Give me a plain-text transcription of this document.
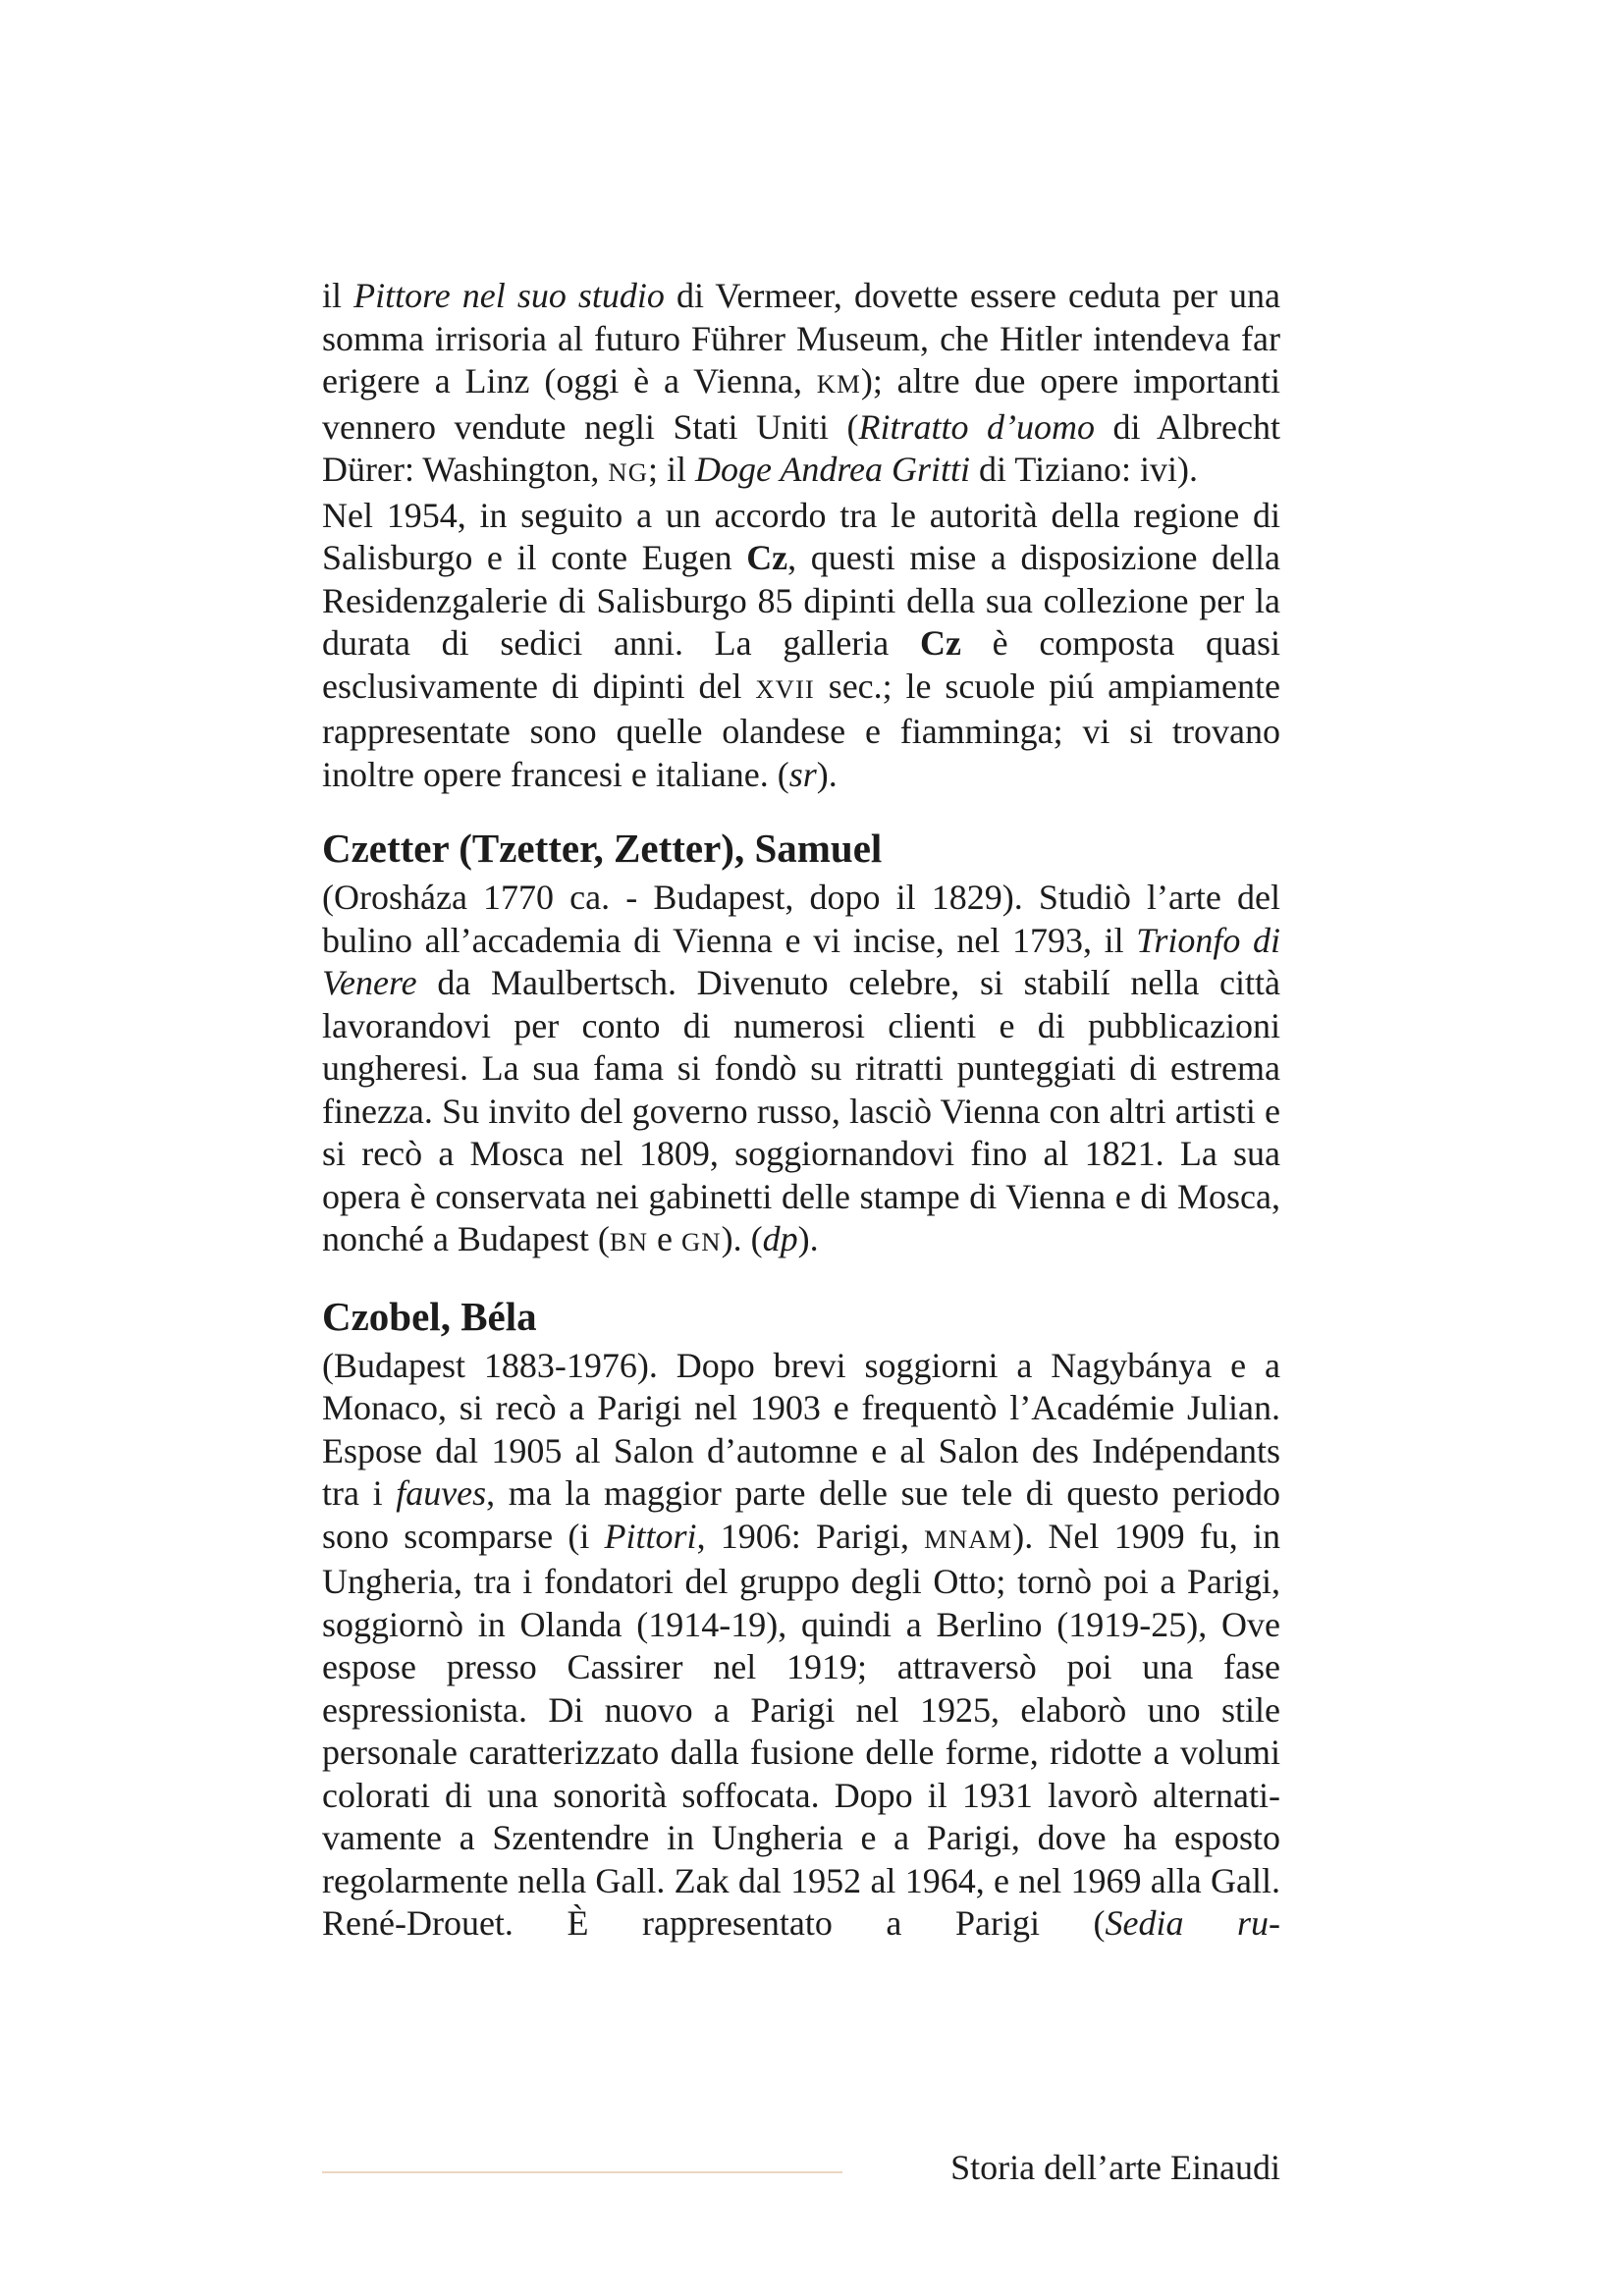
il Pittore nel suo studio di Vermeer, dovette essere ceduta per una somma irrisoria al futuro Führer Museum, che Hitler intendeva far erigere a Linz (oggi è a Vienna, KM); altre due opere importanti vennero vendute negli Stati Uniti (Ritratto d’uomo di Albrecht Dürer: Washington, NG; il Doge Andrea Gritti di Tiziano: ivi).

Nel 1954, in seguito a un accordo tra le autorità della regione di Salisburgo e il conte Eugen Cz, questi mise a disposizione della Residenzgalerie di Salisburgo 85 dipinti della sua collezione per la durata di sedici anni. La galleria Cz è composta quasi esclusivamente di dipinti del XVII sec.; le scuole piú ampiamente rappresentate sono quelle olandese e fiamminga; vi si trovano inoltre opere francesi e italiane. (sr).

Czetter (Tzetter, Zetter), Samuel

(Orosháza 1770 ca. - Budapest, dopo il 1829). Studiò l’arte del bulino all’accademia di Vienna e vi incise, nel 1793, il Trionfo di Venere da Maulbertsch. Divenuto celebre, si stabilí nella città lavorandovi per conto di numerosi clienti e di pubblicazioni ungheresi. La sua fama si fondò su ritratti punteggiati di estrema finezza. Su invito del governo russo, lasciò Vienna con altri artisti e si recò a Mosca nel 1809, soggiornandovi fino al 1821. La sua opera è conservata nei gabinetti delle stampe di Vienna e di Mosca, nonché a Budapest (BN e GN). (dp).

Czobel, Béla

(Budapest 1883-1976). Dopo brevi soggiorni a Nagybánya e a Monaco, si recò a Parigi nel 1903 e frequentò l’Académie Julian. Espose dal 1905 al Salon d’automne e al Salon des Indépendants tra i fauves, ma la maggior parte delle sue tele di questo periodo sono scomparse (i Pittori, 1906: Parigi, MNAM). Nel 1909 fu, in Ungheria, tra i fondatori del gruppo degli Otto; tornò poi a Parigi, soggiornò in Olanda (1914-19), quindi a Berlino (1919-25), Ove espose presso Cassirer nel 1919; attraversò poi una fase espressionista. Di nuovo a Parigi nel 1925, elaborò uno stile personale caratterizzato dalla fusione delle forme, ridotte a volumi colorati di una sonorità soffocata. Dopo il 1931 lavorò alternativamente a Szentendre in Ungheria e a Parigi, dove ha esposto regolarmente nella Gall. Zak dal 1952 al 1964, e nel 1969 alla Gall. René-Drouet. È rappresentato a Parigi (Sedia ru-

Storia dell’arte Einaudi
